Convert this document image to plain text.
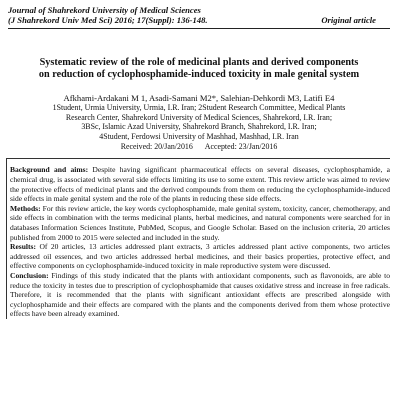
Journal of Shahrekord University of Medical Sciences
(J Shahrekord Univ Med Sci) 2016; 17(Suppl): 136-148.	Original article
Systematic review of the role of medicinal plants and derived components
on reduction of cyclophosphamide-induced toxicity in male genital system
Afkhami-Ardakani M 1, Asadi-Samani M2*, Salehian-Dehkordi M3, Latifi E4
1Student, Urmia University, Urmia, I.R. Iran; 2Student Research Committee, Medical Plants
Research Center, Shahrekord University of Medical Sciences, Shahrekord, I.R. Iran;
3BSc, Islamic Azad University, Shahrekord Branch, Shahrekord, I.R. Iran;
4Student, Ferdowsi University of Mashhad, Mashhad, I.R. Iran
Received: 20/Jan/2016 Accepted: 23/Jan/2016

Background and aims: Despite having significant pharmaceutical effects on several diseases, cyclophosphamide, a chemical drug, is associated with several side effects limiting its use to some extent. This review article was aimed to review the protective effects of medicinal plants and the derived compounds from them on reducing the cyclophosphamide-induced side effects in male genital system and the role of the plants in reducing these side effects.

Methods: For this review article, the key words cyclophosphamide, male genital system, toxicity, cancer, chemotherapy, and side effects in combination with the terms medicinal plants, herbal medicines, and natural components were searched for in databases Information Sciences Institute, PubMed, Scopus, and Google Scholar. Based on the inclusion criteria, 20 articles published from 2000 to 2015 were selected and included in the study.

Results: Of 20 articles, 13 articles addressed plant extracts, 3 articles addressed plant active components, two articles addressed oil essences, and two articles addressed herbal medicines, and their basics properties, protective effect, and effective components on cyclophosphamide-induced toxicity in male reproductive system were discussed.

Conclusion: Findings of this study indicated that the plants with antioxidant components, such as flavonoids, are able to reduce the toxicity in testes due to prescription of cyclophosphamide that causes oxidative stress and increase in free radicals. Therefore, it is recommended that the plants with significant antioxidant effects are prescribed alongside with cyclophosphamide and their effects are compared with the plants and the components derived from them whose protective effects have been already examined.
